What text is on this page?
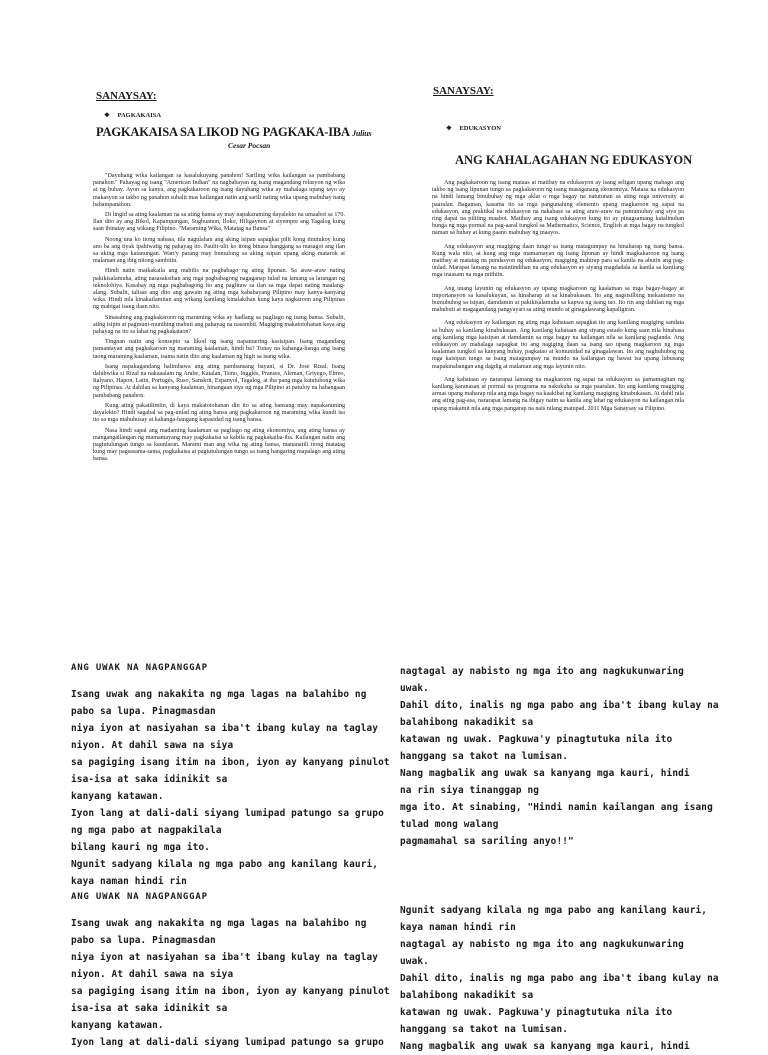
SANAYSAY:
❖ PAGKAKAISA
PAGKAKAISA SA LIKOD NG PAGKAKA-IBA Julius
Cesar Pocsan

"Dayuhang wika kailangan sa kasalukuyang panahon! Sariling wika kailangan sa pambabang panahon." Pahayag ng isang "American Indian" na nagbabayan ng isang magandang relasyon ng wika at ng buhay. Ayon sa kanya, ang pagkakaroon ng isang dayuhang wika ay mahalaga upang tayo ay makasyon sa takbo ng panahon subalit mas kailangan natin ang sarili nating wika upang mabuhay nang habampanahon.

Di lingid sa ating kaalaman na sa ating bansa ay may napakaraming dayalekto na umaabot sa 170. Ilan dito ay ang Bikol, Kapampangan, Sugbuanon, Iloko, Hiligaynon at siyempre ang Tagalog kung saan ibinatay ang wikang Filipino. "Maraming Wika, Matatag na Bansa"

Noong una ko itong nabasa, tila nagulahan ang aking isipan sapagkat pilit kong tinutukoy kung ano ba ang tiyak ipahiwatig ng pahayag ito. Paulit-ulit ko itong binasa hanggang sa masagot ang ilan sa aking mga katanungan. Wari'y parang may bumulong sa aking isipan upang aking matarok at malaman ang ibig nitong sambitin.

Hindi natin maikakaila ang mabilis na pagbabago ng ating lipunan. Sa araw-araw nating pakikisalamuha, ating nasasaksihan ang mga pagbabagong nagaganap tulad na lamang sa larangan ng teknolohiya. Kasabay ng mga pagbabagong ito ang paglitaw sa ilan sa mga dapat nating maalang-alang. Subalit, talisas ang dito ang gawain ng ating mga kababayang Pilipino may kanya-kanyang wika. Hindi nila kinakailamitan ang wikang kanilang kinalakihan kung kaya nagkaroon ang Pilipinas ng mabigat isang daan nito.

Sinasabing ang pagkakaroon ng maraming wika ay hadlang sa pagliago ng isang bansa. Subalit, ating isipin at pagmuni-munihing mabuti ang pahayag na nasambit. Magiging makatotohanan kaya ang pahayag na ito sa lahat ng pagkakataon?

Tingnan natin ang konsepto sa likod ng isang napanuering kasisipan. Isang magandang pamantayan ang pagkakaroon ng maraming kaalaman, hindi ba? Tunay na kahanga-hanga ang isang taong maraming kaalaman, isama natin dito ang kaalaman ng higit sa isang wika.

Isang napakagandang halimbawa ang ating pambansang bayani, si Dr. Jose Rizal. Isang dalubwika si Rizal na nakaaalam ng Arabe, Katalan, Tsino, Ingglés, Pranses, Aleman, Griyego, Ebreo, Italyano, Hapon, Latin, Portugés, Ruso, Sanskrit, Espanyol, Tagalog, at iba pang mga katutubong wika ng Pilipinas. At dahilan sa kanyang kaalaman, hinangaan siya ng mga Pilipino at patuloy na hahangaan pambabang panahon.

Kung ating pakaiilimiin, di kaya makatotohanan din ito sa ating bansang may napakaraming dayalekto? Hindi sagabal sa pag-unlad ng ating bansa ang pagkakaroon ng maraming wika kundi isa ito sa mga mahuhusay at kahanga-hangang kapasidad ng isang bansa.

Nasa hindi sapat ang madaming kaalaman sa pagliago ng ating ekonomiya, ang ating bansa ay mangangailangan ng mamamayang may pagkakaisa sa kabila ng pagkakaiba-iba. Kailangan natin ang pagtutulungan tungo sa kaunlaran. Marami man ang wika ng ating bansa, mananatili itong matatag kung may pagsasama-sama, pagkakaisa at pagtutulungan tungo sa isang hangaring mapalago ang ating bansa.

SANAYSAY:
❖ EDUKASYON
ANG KAHALAGAHAN NG EDUKASYON

Ang pagkakaroon ng isang mataas at matibay na edukasyon ay isang seligan upang mabago ang takbo ng isang lipunan tungo sa pagkakaroon ng isang masaganang ekonomiya. Matasa na edukasyon na hindi lamang binubuhay ng mga aklat o mga bagay na natutunan sa ating mga university at paaralan. Bagaman, kasama ito sa mga pangunahing elemento upang magkaroon ng sapat na edukasyon, ang praktikal na edukasyon na nakabase sa ating araw-araw na pamumuhay ang siya pa ring dapat na piliting maabot. Matibay ang isang edukasyon kung ito ay pinagsamang katalinuhan bunga ng mga pormal na pag-aaral tungkol sa Mathematics, Science, English at mga bagay na tungkol naman sa buhay at kung paano mabuhay ng maayos.

Ang edukasyon ang magiging daan tungo sa isang matagumpay na hinaharap ng isang bansa. Kung wala nito, at kung ang mga mamamayan ng isang lipunan ay hindi magkakaroon ng isang matibay at matatag na pundasyon ng edukasyon, magiging mahirap para sa kanila na abutin ang pag-unlad. Marapat lamang na maintindihan na ang edukasyon ay siyang magdadala sa kanila sa kanilang mga inaasam na mga mithiin.

Ang unang layunin ng edukasyon ay upang magkaroon ng kaalaman sa mga bagay-bagay at importansyon sa kasalukuyan, sa hinaharap at sa kinabukasan. Ito ang nagsisilbing mekanismo na bumubuhog sa isipan, damdamin at pakikisalamuha sa kapwa ng isang tao. Ito rin ang dahilan ng mga mabubuti at magagandang pangyayari sa ating mundo at ginagalawang kapaligiran.

Ang edukasyon ay kailangan ng ating mga kabataan sapagkat ito ang kanilang magiging sandata sa buhay sa kanilang kinabukasan. Ang kanilang kabataan ang siyang estado kung saan nila hinahasa ang kanilang mga kaisipan at damdamin sa mga bagay na kailangan nila sa kanilang paglanda. Ang edukasyon ay mahalaga sapagkat ito ang nagiging daan sa isang tao upang magkaroon ng mga kaalaman tungkol sa kanyang buhay, pagkatao at komunidad na ginagalawan. Ito ang naghuhubog ng mga kaisipan tungo sa isang matagumpay na mundo na kailangan ng bawat isa upang lubusang mapakinabangan ang dagdig at malaman ang mga layunin nito.

Ang kabataan ay nararapat lamang na magkaroon ng sapat na edukasyon sa pamamagitan ng kanilang karanasan at pormal na programa na nakukuha sa mga paaralan. Ito ang kanilang magiging armas upang maharap nila ang mga bagay na kaakibat ng kanilang magiging kinabukasan. At dahil nila ang ating pag-asa, nararapat lamang na ibigay natin sa kanila ang lahat ng edukasyon na kailangan nila upang makamit nila ang mga pangarap na nais nilang matupad. 2011 Mga Sanaysay sa Filipino.

ANG UWAK NA NAGPANGGAP
Isang uwak ang nakakita ng mga lagas na balahibo ng
pabo sa lupa. Pinagmasdan
niya iyon at nasiyahan sa iba't ibang kulay na taglay
niyon. At dahil sawa na siya
sa pagiging isang itim na ibon, iyon ay kanyang pinulot
isa-isa at saka idinikit sa
kanyang katawan.
Iyon lang at dali-dali siyang lumipad patungo sa grupo
ng mga pabo at nagpakilala
bilang kauri ng mga ito.
Ngunit sadyang kilala ng mga pabo ang kanilang kauri,
kaya naman hindi rin
nagtagal ay nabisto ng mga ito ang nagkukunwaring
uwak.
Dahil dito, inalis ng mga pabo ang iba't ibang kulay na
balahibong nakadikit sa
katawan ng uwak. Pagkuwa'y pinagtutuka nila ito
hanggang sa takot na lumisan.
Nang magbalik ang uwak sa kanyang mga kauri, hindi
na rin siya tinanggap ng
mga ito. At sinabing, "Hindi namin kailangan ang isang
tulad mong walang
pagmamahal sa sariling anyo!!"
ANG UWAK NA NAGPANGGAP
Isang uwak ang nakakita ng mga lagas na balahibo ng
pabo sa lupa. Pinagmasdan
niya iyon at nasiyahan sa iba't ibang kulay na taglay
niyon. At dahil sawa na siya
sa pagiging isang itim na ibon, iyon ay kanyang pinulot
isa-isa at saka idinikit sa
kanyang katawan.
Iyon lang at dali-dali siyang lumipad patungo sa grupo
Ngunit sadyang kilala ng mga pabo ang kanilang kauri,
kaya naman hindi rin
nagtagal ay nabisto ng mga ito ang nagkukunwaring
uwak.
Dahil dito, inalis ng mga pabo ang iba't ibang kulay na
balahibong nakadikit sa
katawan ng uwak. Pagkuwa'y pinagtutuka nila ito
hanggang sa takot na lumisan.
Nang magbalik ang uwak sa kanyang mga kauri, hindi
